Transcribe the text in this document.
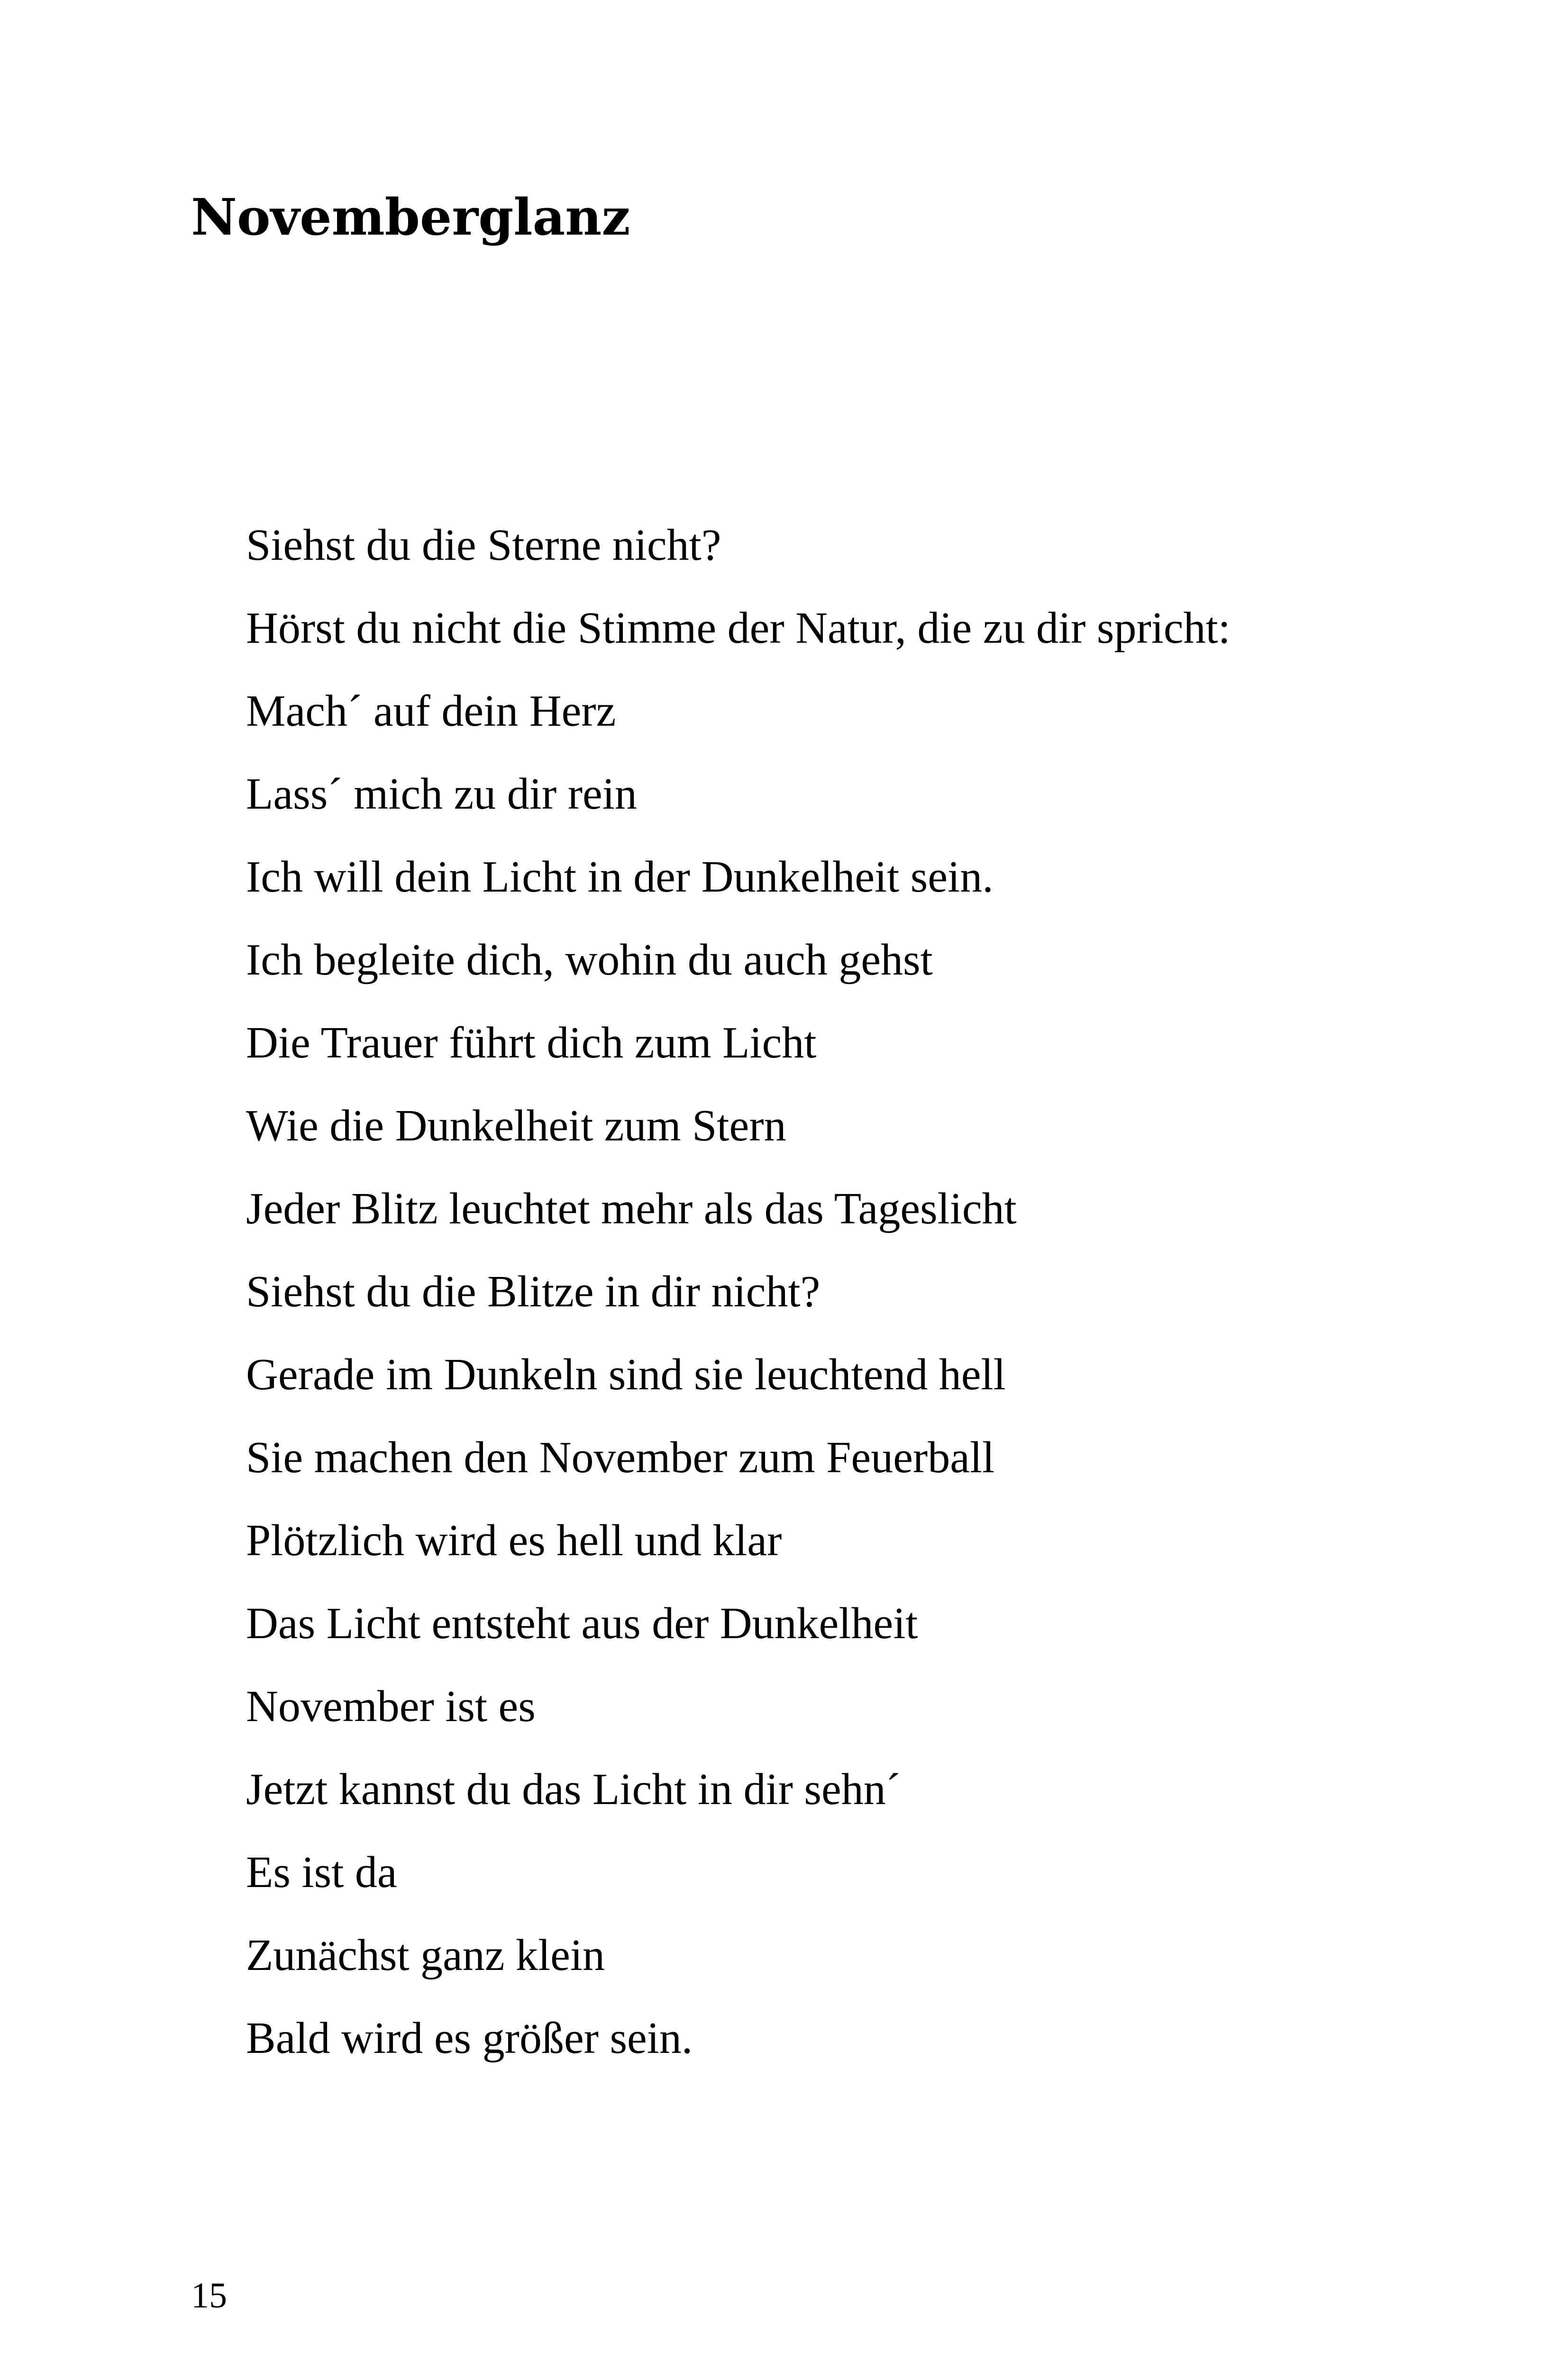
Novemberglanz
Siehst du die Sterne nicht?
Hörst du nicht die Stimme der Natur, die zu dir spricht:
Mach´ auf dein Herz
Lass´ mich zu dir rein
Ich will dein Licht in der Dunkelheit sein.
Ich begleite dich, wohin du auch gehst
Die Trauer führt dich zum Licht
Wie die Dunkelheit zum Stern
Jeder Blitz leuchtet mehr als das Tageslicht
Siehst du die Blitze in dir nicht?
Gerade im Dunkeln sind sie leuchtend hell
Sie machen den November zum Feuerball
Plötzlich wird es hell und klar
Das Licht entsteht aus der Dunkelheit
November ist es
Jetzt kannst du das Licht in dir sehn´
Es ist da
Zunächst ganz klein
Bald wird es größer sein.
15
